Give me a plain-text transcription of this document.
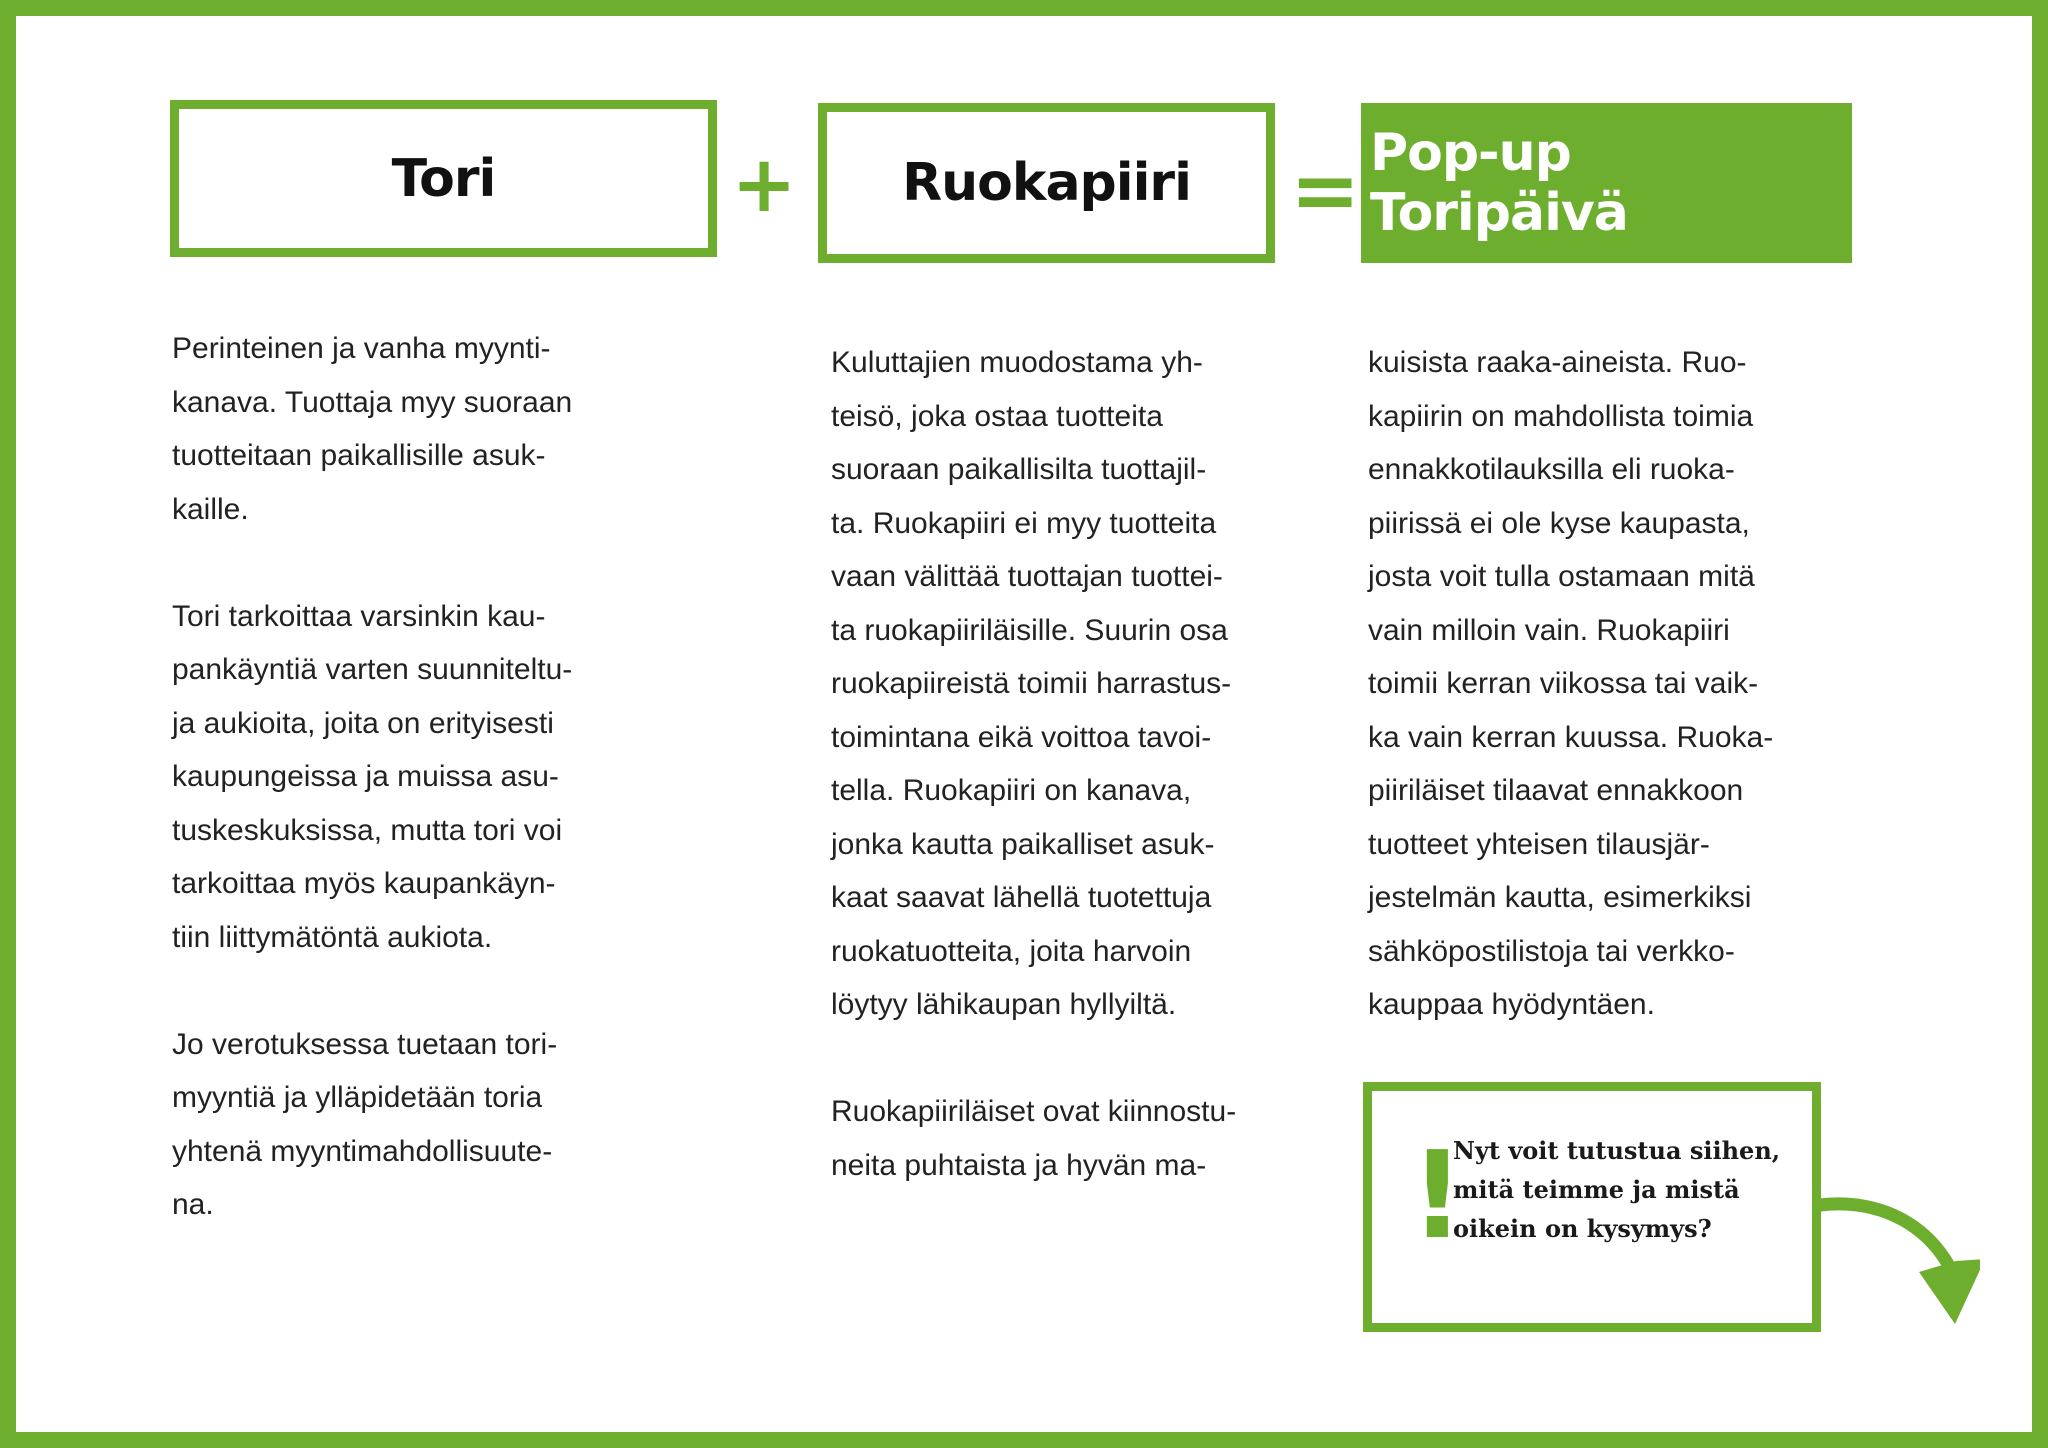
Tori	+ Ruokapiiri = Pop-up Toripäivä

Perinteinen ja vanha myynti-
kanava. Tuottaja myy suoraan
tuotteitaan paikallisille asuk-
kaille.

Tori tarkoittaa varsinkin kau-
pankäyntiä varten suunniteltu-
ja aukioita, joita on erityisesti
kaupungeissa ja muissa asu-
tuskeskuksissa, mutta tori voi
tarkoittaa myös kaupankäyn-
tiin liittymätöntä aukiota.

Jo verotuksessa tuetaan tori-
myyntiä ja ylläpidetään toria
yhtenä myyntimahdollisuute-
na.

Kuluttajien muodostama yh-
teisö, joka ostaa tuotteita
suoraan paikallisilta tuottajil-
ta. Ruokapiiri ei myy tuotteita
vaan välittää tuottajan tuottei-
ta ruokapiiriläisille. Suurin osa
ruokapiireistä toimii harrastus-
toimintana eikä voittoa tavoi-
tella. Ruokapiiri on kanava,
jonka kautta paikalliset asuk-
kaat saavat lähellä tuotettuja
ruokatuotteita, joita harvoin
löytyy lähikaupan hyllyiltä.

Ruokapiiriläiset ovat kiinnostu-
neita puhtaista ja hyvän ma-

kuisista raaka-aineista. Ruo-
kapiirin on mahdollista toimia
ennakkotilauksilla eli ruoka-
piirissä ei ole kyse kaupasta,
josta voit tulla ostamaan mitä
vain milloin vain. Ruokapiiri
toimii kerran viikossa tai vaik-
ka vain kerran kuussa. Ruoka-
piiriläiset tilaavat ennakkoon
tuotteet yhteisen tilausjär-
jestelmän kautta, esimerkiksi
sähköpostilistoja tai verkko-
kauppaa hyödyntäen.

!

Nyt voit tutustua siihen,
mitä teimme ja mistä
oikein on kysymys?
